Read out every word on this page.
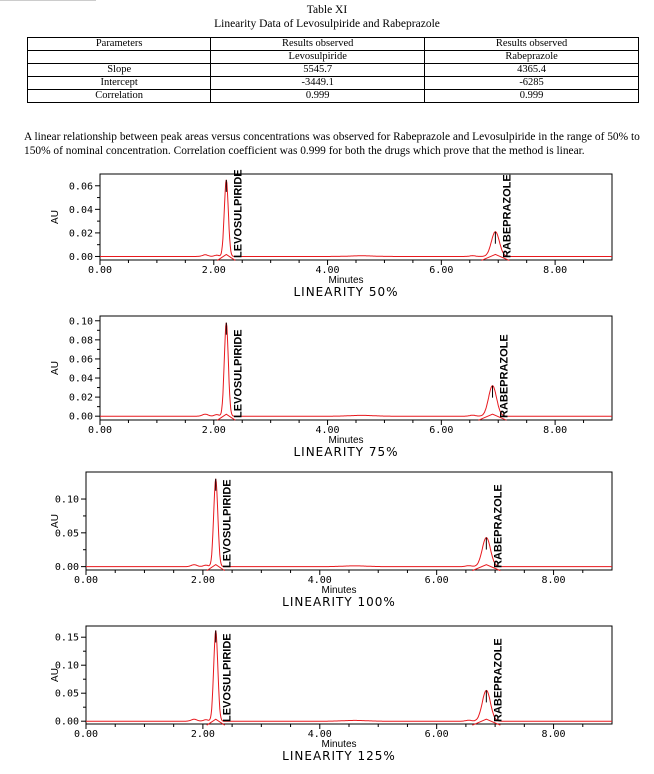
Table XI
Linearity Data of Levosulpiride and Rabeprazole
Parameters	Results observed	Results observed
	Levosulpiride	Rabeprazole
Slope	5545.7	4365.4
Intercept	-3449.1	-6285
Correlation	0.999	0.999
A linear relationship between peak areas versus concentrations was observed for Rabeprazole and Levosulpiride in the range of 50% to 150% of nominal concentration. Correlation coefficient was 0.999 for both the drugs which prove that the method is linear.
0.00
0.02
0.04
0.06
0.00	2.00	4.00	6.00	8.00
Minutes
LINEARITY 50%
AU	LEVOSULPIRIDE	RABEPRAZOLE
0.00
0.02
0.04
0.06
0.08
0.10
0.00	2.00	4.00	6.00	8.00
Minutes
LINEARITY 75%
AU	LEVOSULPIRIDE	RABEPRAZOLE
0.00
0.05
0.10
0.00	2.00	4.00	6.00	8.00
Minutes
LINEARITY 100%
AU	LEVOSULPIRIDE	RABEPRAZOLE
0.00
0.05
0.10
0.15
0.00	2.00	4.00	6.00	8.00
Minutes
LINEARITY 125%
AU	LEVOSULPIRIDE	RABEPRAZOLE
